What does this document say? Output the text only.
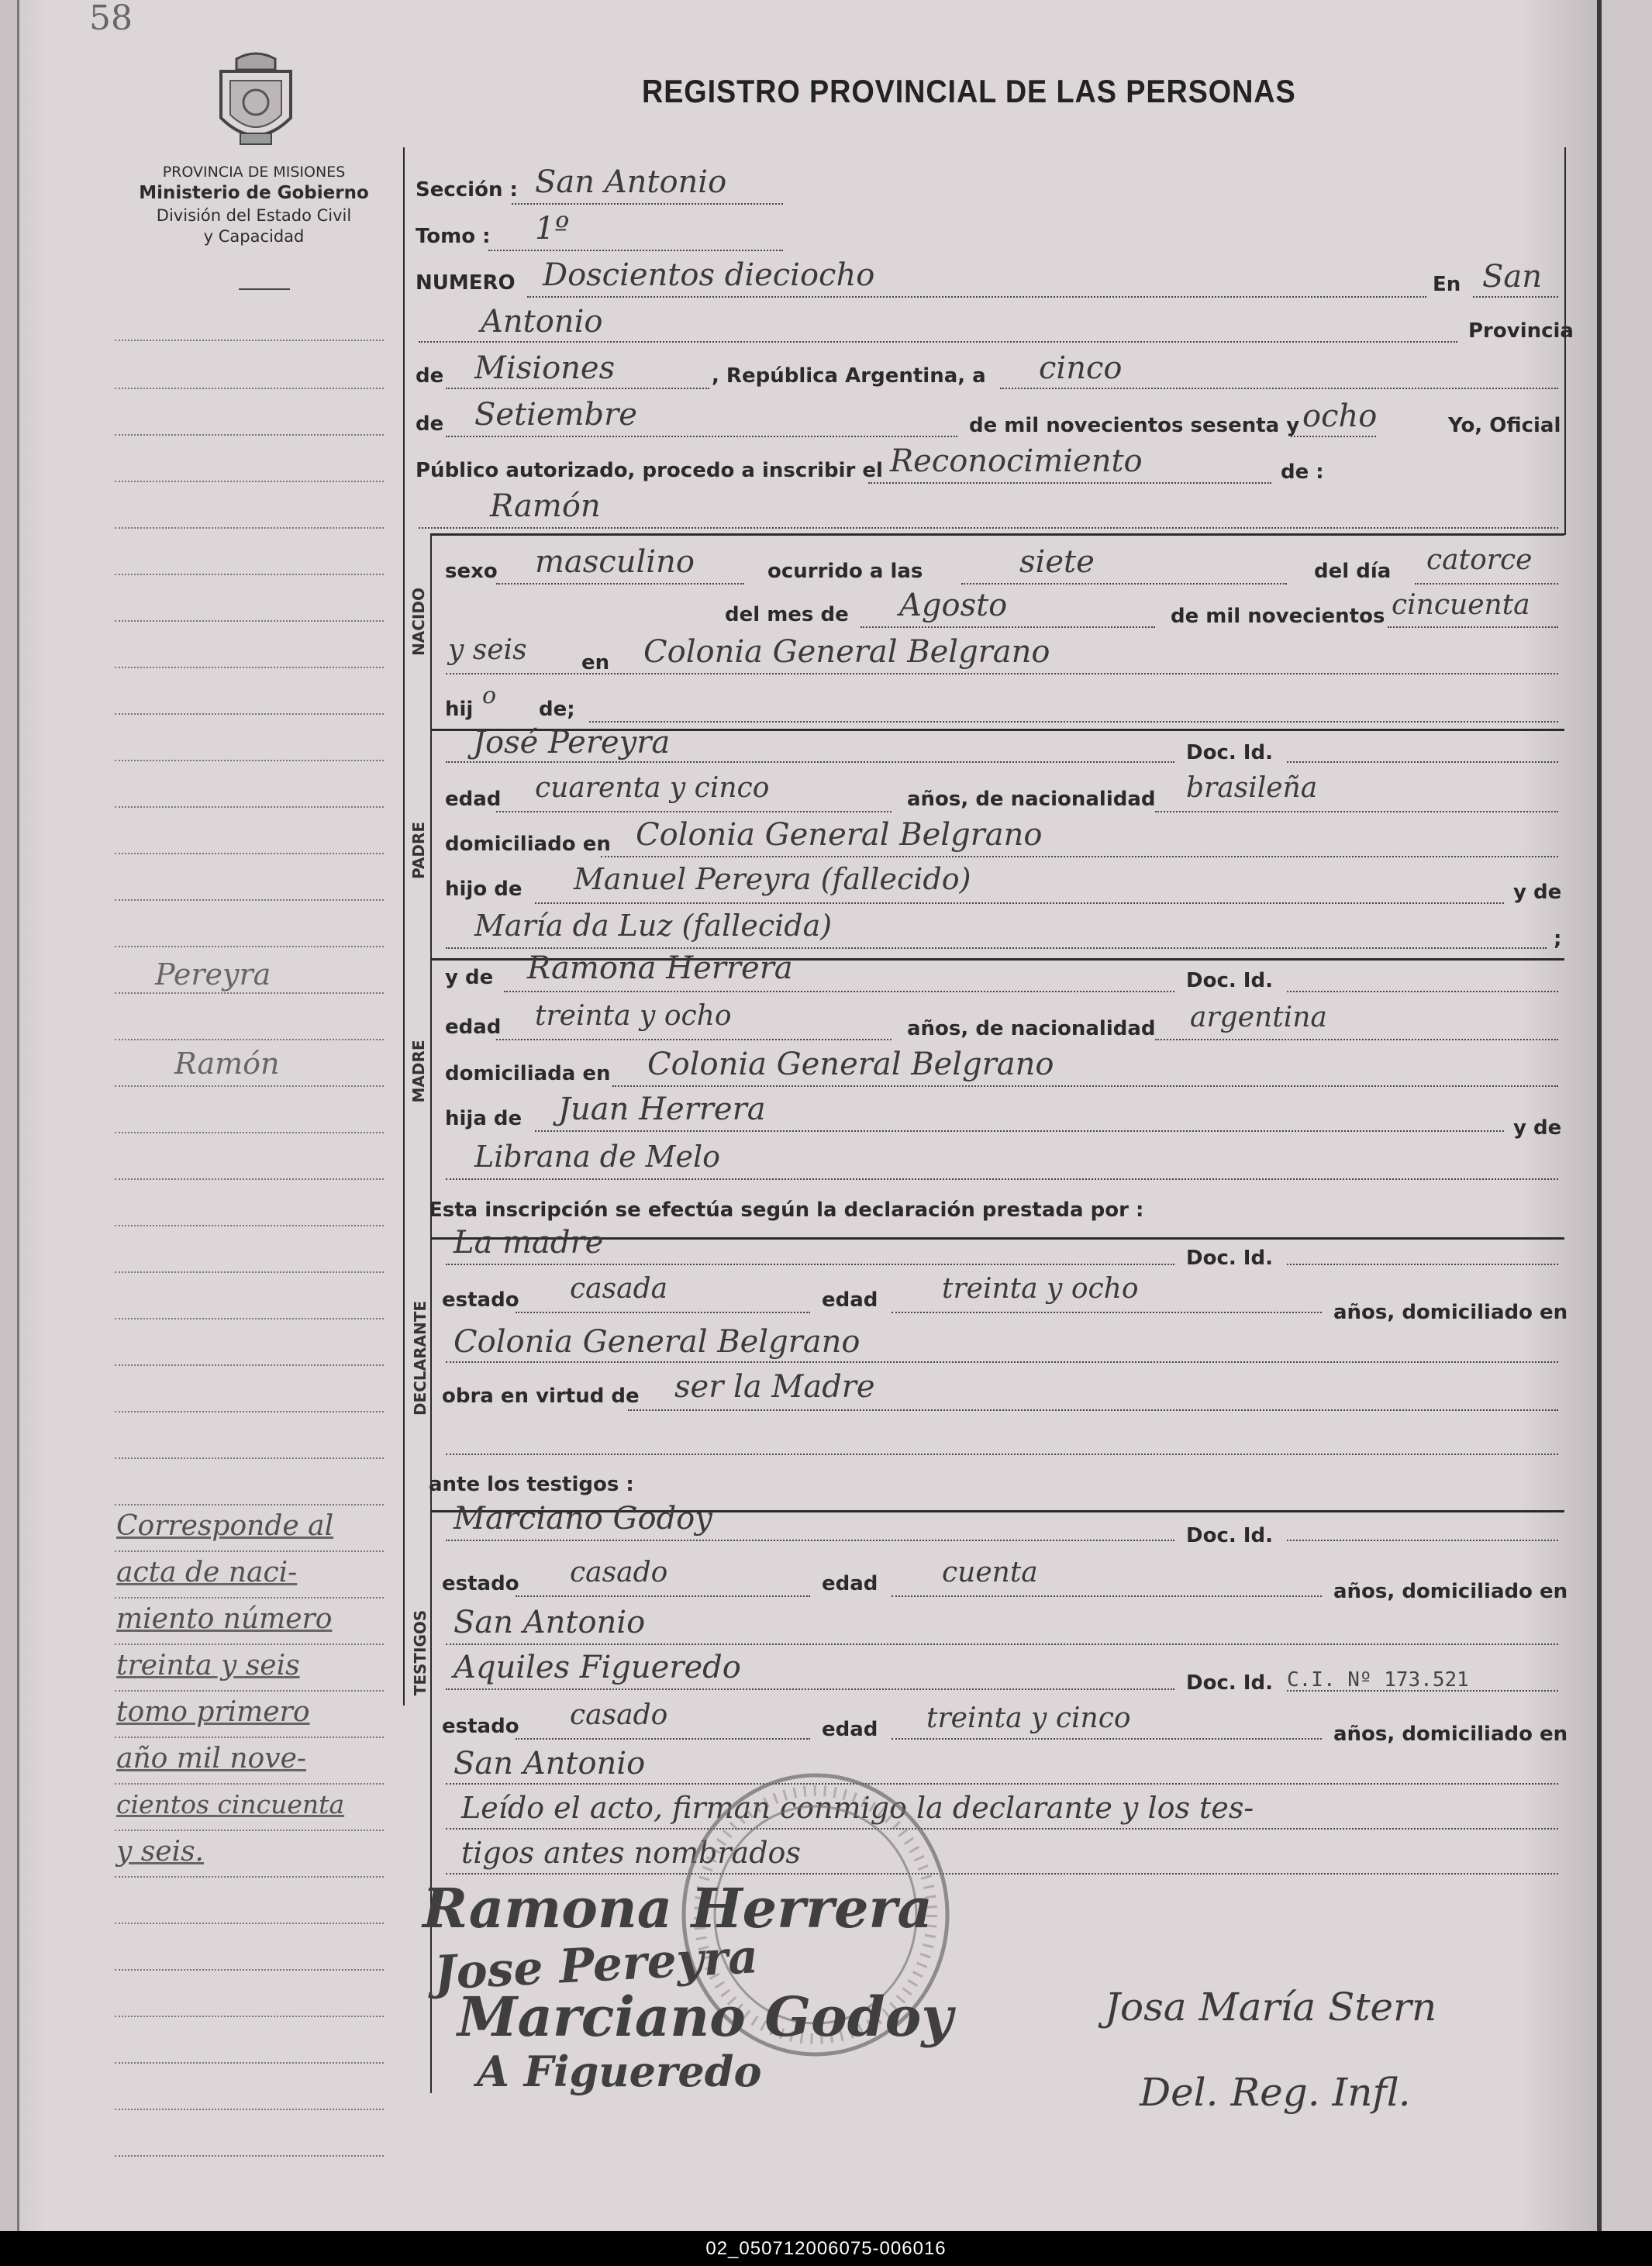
58
PROVINCIA DE MISIONES
Ministerio de Gobierno
División del Estado Civil
y Capacidad
REGISTRO PROVINCIAL DE LAS PERSONAS
Pereyra
Ramón
Corresponde al
acta de naci-
miento número
treinta y seis
tomo primero
año mil nove-
cientos cincuenta
y seis.
Sección : San Antonio
Tomo : 1º
NUMERO Doscientos dieciocho	En San
Antonio	Provincia
de Misiones	, República Argentina, a cinco
de Setiembre	de mil novecientos sesenta y ocho	Yo, Oficial
Público autorizado, procedo a inscribir el Reconocimiento	de :
Ramón
NACIDO
sexo masculino	ocurrido a las	siete	del día catorce
del mes de Agosto	de mil novecientos cincuenta
y seis	en Colonia General Belgrano
hij o de;
PADRE
José Pereyra	Doc. Id.
edad cuarenta y cinco	años, de nacionalidad brasileña
domiciliado en Colonia General Belgrano
hijo de Manuel Pereyra (fallecido)	y de
María da Luz (fallecida)	;
MADRE
y de Ramona Herrera	Doc. Id.
edad treinta y ocho	años, de nacionalidad argentina
domiciliada en Colonia General Belgrano
hija de Juan Herrera
y de
Librana de Melo
Esta inscripción se efectúa según la declaración prestada por :
DECLARANTE
La madre	Doc. Id.
estado casada	edad treinta y ocho
años, domiciliado en
Colonia General Belgrano
obra en virtud de ser la Madre
ante los testigos :
TESTIGOS
Marciano Godoy	Doc. Id.
estado casado	edad cuenta
años, domiciliado en
San Antonio
Aquiles Figueredo	Doc. Id. C.I. Nº 173.521
estado casado	edad treinta y cinco	años, domiciliado en
San Antonio
Leído el acto, firman conmigo la declarante y los tes-
tigos antes nombrados
Ramona Herrera
Jose Pereyra
Marciano Godoy
A Figueredo
Josa María Stern
Del. Reg. Infl.
02_050712006075-006016
